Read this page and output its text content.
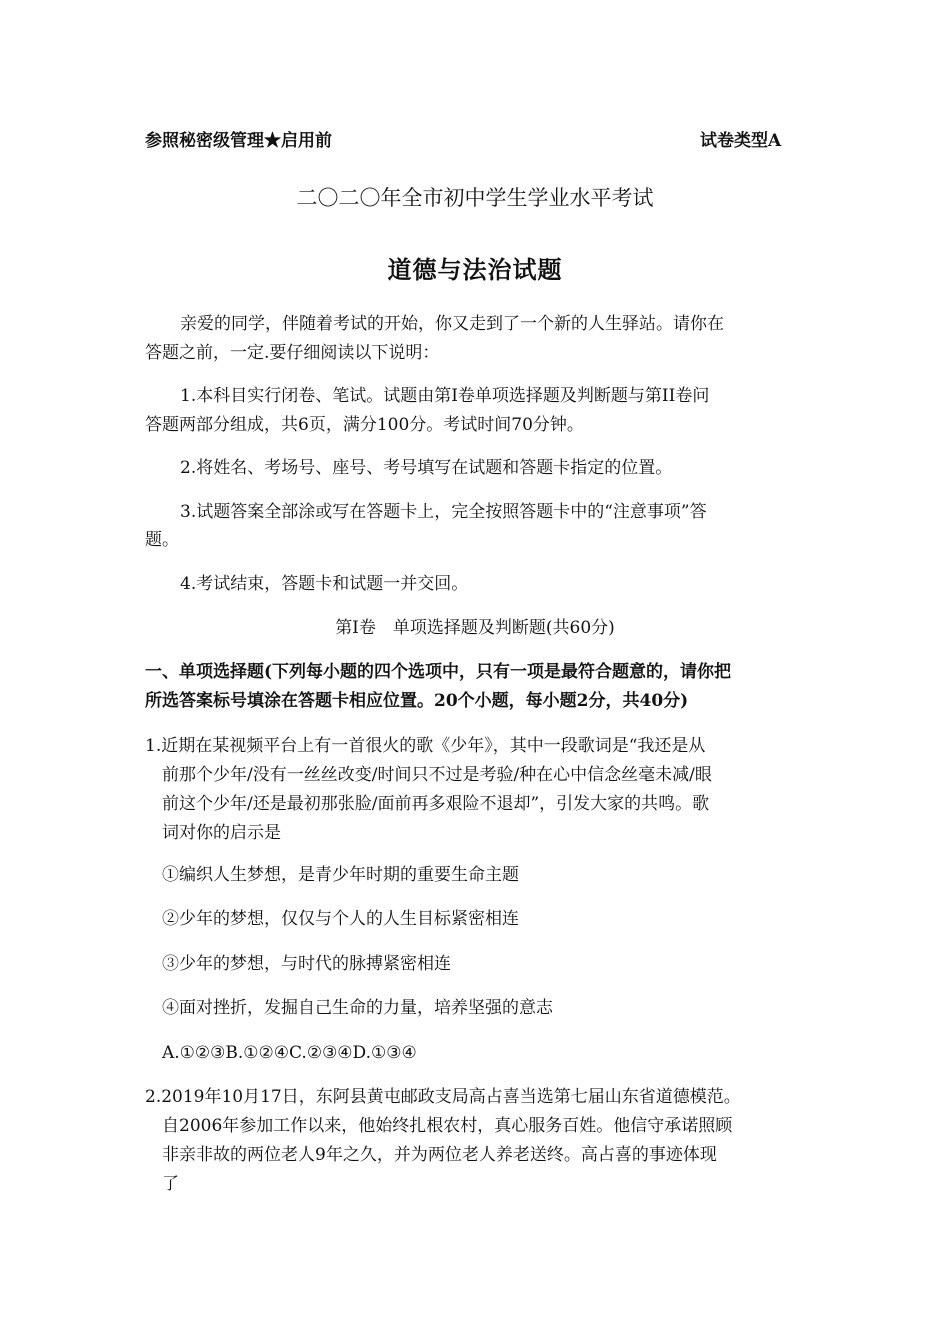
参照秘密级管理★启用前	试卷类型A
二〇二〇年全市初中学生学业水平考试
道德与法治试题
亲爱的同学，伴随着考试的开始，你又走到了一个新的人生驿站。请你在
答题之前，一定.要仔细阅读以下说明：
1.本科目实行闭卷、笔试。试题由第Ⅰ卷单项选择题及判断题与第II卷问
答题两部分组成，共6页，满分100分。考试时间70分钟。
2.将姓名、考场号、座号、考号填写在试题和答题卡指定的位置。
3.试题答案全部涂或写在答题卡上，完全按照答题卡中的“注意事项”答
题。
4.考试结束，答题卡和试题一并交回。
第Ⅰ卷　单项选择题及判断题(共60分)
一、单项选择题(下列每小题的四个选项中，只有一项是最符合题意的，请你把
所选答案标号填涂在答题卡相应位置。20个小题，每小题2分，共40分)
1.近期在某视频平台上有一首很火的歌《少年》，其中一段歌词是“我还是从
前那个少年/没有一丝丝改变/时间只不过是考验/种在心中信念丝毫未减/眼
前这个少年/还是最初那张脸/面前再多艰险不退却”，引发大家的共鸣。歌
词对你的启示是
①编织人生梦想，是青少年时期的重要生命主题
②少年的梦想，仅仅与个人的人生目标紧密相连
③少年的梦想，与时代的脉搏紧密相连
④面对挫折，发掘自己生命的力量，培养坚强的意志
A.①②③B.①②④C.②③④D.①③④
2.2019年10月17日，东阿县黄屯邮政支局高占喜当选第七届山东省道德模范。
自2006年参加工作以来，他始终扎根农村，真心服务百姓。他信守承诺照顾
非亲非故的两位老人9年之久，并为两位老人养老送终。高占喜的事迹体现
了
